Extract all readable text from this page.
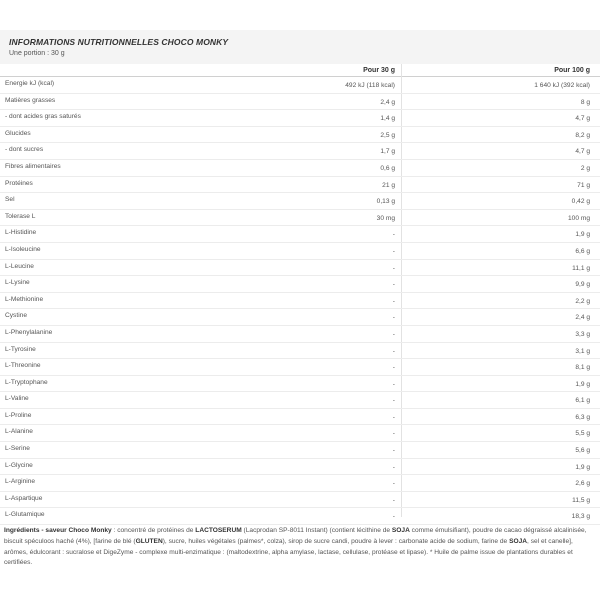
INFORMATIONS NUTRITIONNELLES CHOCO MONKY
Une portion : 30 g
Pour 30 g	Pour 100 g
Energie kJ (kcal)	492 kJ (118 kcal)	1 640 kJ (392 kcal)
Matières grasses	2,4 g	8 g
- dont acides gras saturés	1,4 g	4,7 g
Glucides	2,5 g	8,2 g
- dont sucres	1,7 g	4,7 g
Fibres alimentaires	0,6 g	2 g
Protéines	21 g	71 g
Sel	0,13 g	0,42 g
Tolerase L	30 mg	100 mg
L-Histidine	-	1,9 g
L-Isoleucine	-	6,6 g
L-Leucine	-	11,1 g
L-Lysine	-	9,9 g
L-Methionine	-	2,2 g
Cystine	-	2,4 g
L-Phenylalanine	-	3,3 g
L-Tyrosine	-	3,1 g
L-Threonine	-	8,1 g
L-Tryptophane	-	1,9 g
L-Valine	-	6,1 g
L-Proline	-	6,3 g
L-Alanine	-	5,5 g
L-Serine	-	5,6 g
L-Glycine	-	1,9 g
L-Arginine	-	2,6 g
L-Aspartique	-	11,5 g
L-Glutamique	-	18,3 g
Ingrédients - saveur Choco Monky : concentré de protéines de LACTOSERUM (Lacprodan SP-8011 Instant) (contient lécithine de SOJA comme émulsifiant), poudre de cacao dégraissé alcalinisée, biscuit spéculoos haché (4%), [farine de blé (GLUTEN), sucre, huiles végétales (palmes*, colza), sirop de sucre candi, poudre à lever : carbonate acide de sodium, farine de SOJA, sel et canelle], arômes, édulcorant : sucralose et DigeZyme - complexe multi-enzimatique : (maltodextrine, alpha amylase, lactase, cellulase, protéase et lipase). * Huile de palme issue de plantations durables et certifiées.
